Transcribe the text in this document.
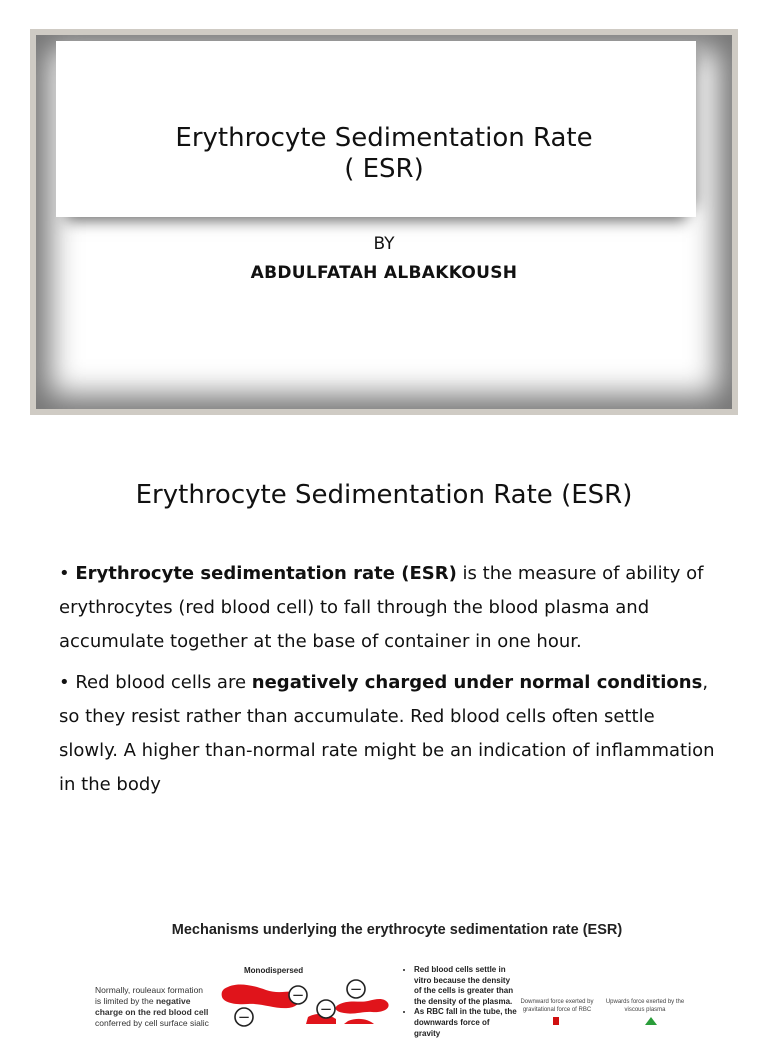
Erythrocyte Sedimentation Rate
( ESR)
BY
ABDULFATAH ALBAKKOUSH
Erythrocyte Sedimentation Rate (ESR)

• Erythrocyte sedimentation rate (ESR) is the measure of ability of erythrocytes (red blood cell) to fall through the blood plasma and accumulate together at the base of container in one hour.

• Red blood cells are negatively charged under normal conditions, so they resist rather than accumulate. Red blood cells often settle slowly. A higher than-normal rate might be an indication of inflammation in the body

Mechanisms underlying the erythrocyte sedimentation rate (ESR)
Normally, rouleaux formation is limited by the negative charge on the red blood cell conferred by cell surface sialic
Monodispersed
−	−
−	−
• Red blood cells settle in vitro because the density of the cells is greater than the density of the plasma.
• As RBC fall in the tube, the downwards force of gravity
Downward force exerted by gravitational force of RBC
Upwards force exerted by the viscous plasma
